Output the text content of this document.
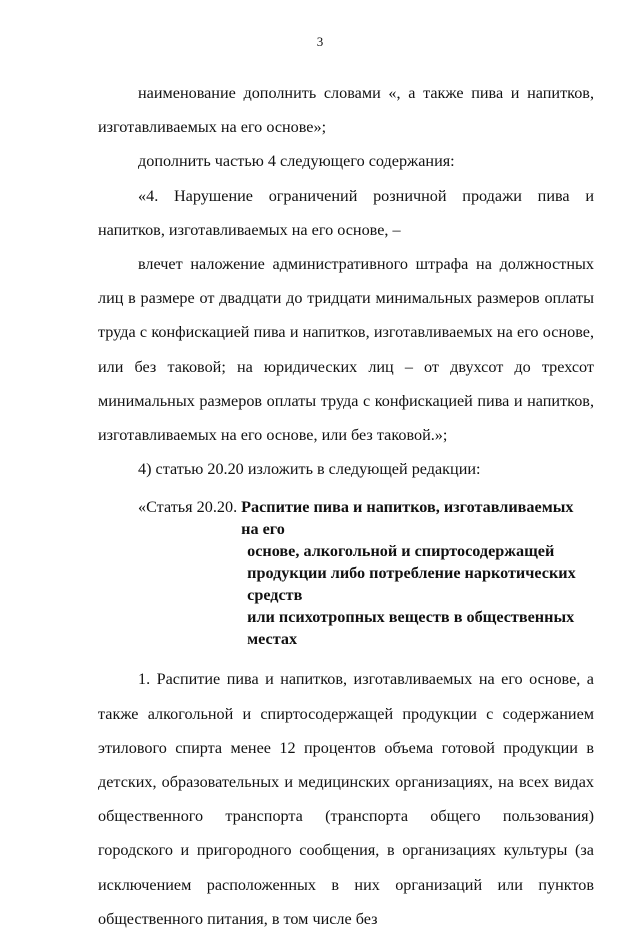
3

наименование дополнить словами «, а также пива и напитков, изготавливаемых на его основе»;

дополнить частью 4 следующего содержания:

«4. Нарушение ограничений розничной продажи пива и напитков, изготавливаемых на его основе, –

влечет наложение административного штрафа на должностных лиц в размере от двадцати до тридцати минимальных размеров оплаты труда с конфискацией пива и напитков, изготавливаемых на его основе, или без таковой; на юридических лиц – от двухсот до трехсот минимальных размеров оплаты труда с конфискацией пива и напитков, изготавливаемых на его основе, или без таковой.»;

4) статью 20.20 изложить в следующей редакции:

«Статья 20.20. Распитие пива и напитков, изготавливаемых на его
основе, алкогольной и спиртосодержащей
продукции либо потребление наркотических средств
или психотропных веществ в общественных местах

1. Распитие пива и напитков, изготавливаемых на его основе, а также алкогольной и спиртосодержащей продукции с содержанием этилового спирта менее 12 процентов объема готовой продукции в детских, образовательных и медицинских организациях, на всех видах общественного транспорта (транспорта общего пользования) городского и пригородного сообщения, в организациях культуры (за исключением расположенных в них организаций или пунктов общественного питания, в том числе без
